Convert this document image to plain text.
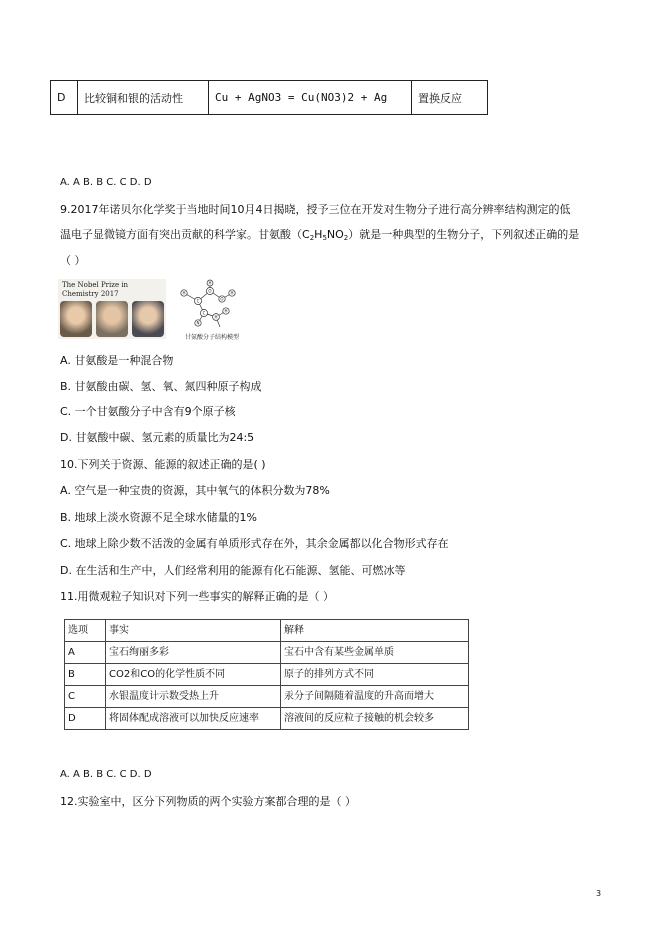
D	比较铜和银的活动性	Cu + AgNO3 = Cu(NO3)2 + Ag	置换反应
A. A B. B C. C D. D
9.2017年诺贝尔化学奖于当地时间10月4日揭晓，授予三位在开发对生物分子进行高分辨率结构测定的低
温电子显微镜方面有突出贡献的科学家。甘氨酸$(C_2H_5NO_2)$就是一种典型的生物分子，下列叙述正确的是
（ ）
The Nobel Prize in Chemistry 2017	H
C
O
O
H
C
N
H
H
H
甘氨酸分子结构模型
A. 甘氨酸是一种混合物
B. 甘氨酸由碳、氢、氧、氮四种原子构成
C. 一个甘氨酸分子中含有9个原子核
D. 甘氨酸中碳、氢元素的质量比为24:5
10.下列关于资源、能源的叙述正确的是( )
A. 空气是一种宝贵的资源，其中氧气的体积分数为78%
B. 地球上淡水资源不足全球水储量的1%
C. 地球上除少数不活泼的金属有单质形式存在外，其余金属都以化合物形式存在
D. 在生活和生产中，人们经常利用的能源有化石能源、氢能、可燃冰等
11.用微观粒子知识对下列一些事实的解释正确的是（ ）
选项	事实	解释
A	宝石绚丽多彩	宝石中含有某些金属单质
B	CO2和CO的化学性质不同	原子的排列方式不同
C	水银温度计示数受热上升	汞分子间隔随着温度的升高而增大
D	将固体配成溶液可以加快反应速率	溶液间的反应粒子接触的机会较多
A. A B. B C. C D. D
12.实验室中，区分下列物质的两个实验方案都合理的是（ ）
3
